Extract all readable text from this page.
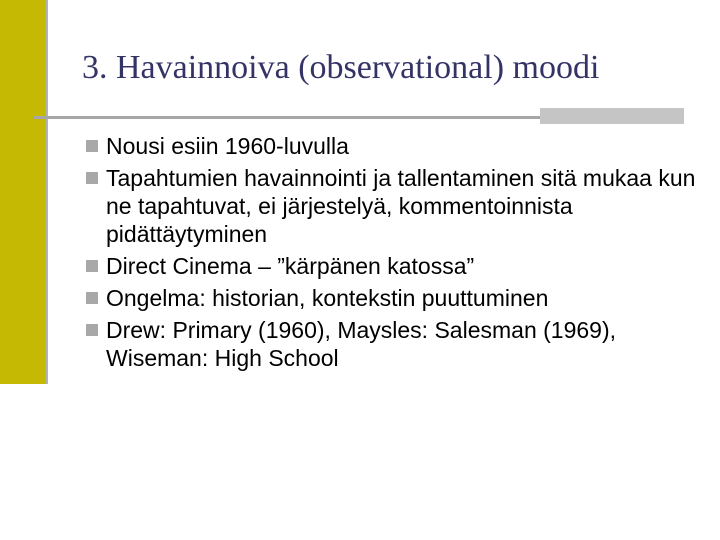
3. Havainnoiva (observational) moodi
Nousi esiin 1960-luvulla
Tapahtumien havainnointi ja tallentaminen sitä mukaa kun ne tapahtuvat, ei järjestelyä, kommentoinnista pidättäytyminen
Direct Cinema – ”kärpänen katossa”
Ongelma: historian, kontekstin puuttuminen
Drew: Primary (1960), Maysles: Salesman (1969), Wiseman: High School
